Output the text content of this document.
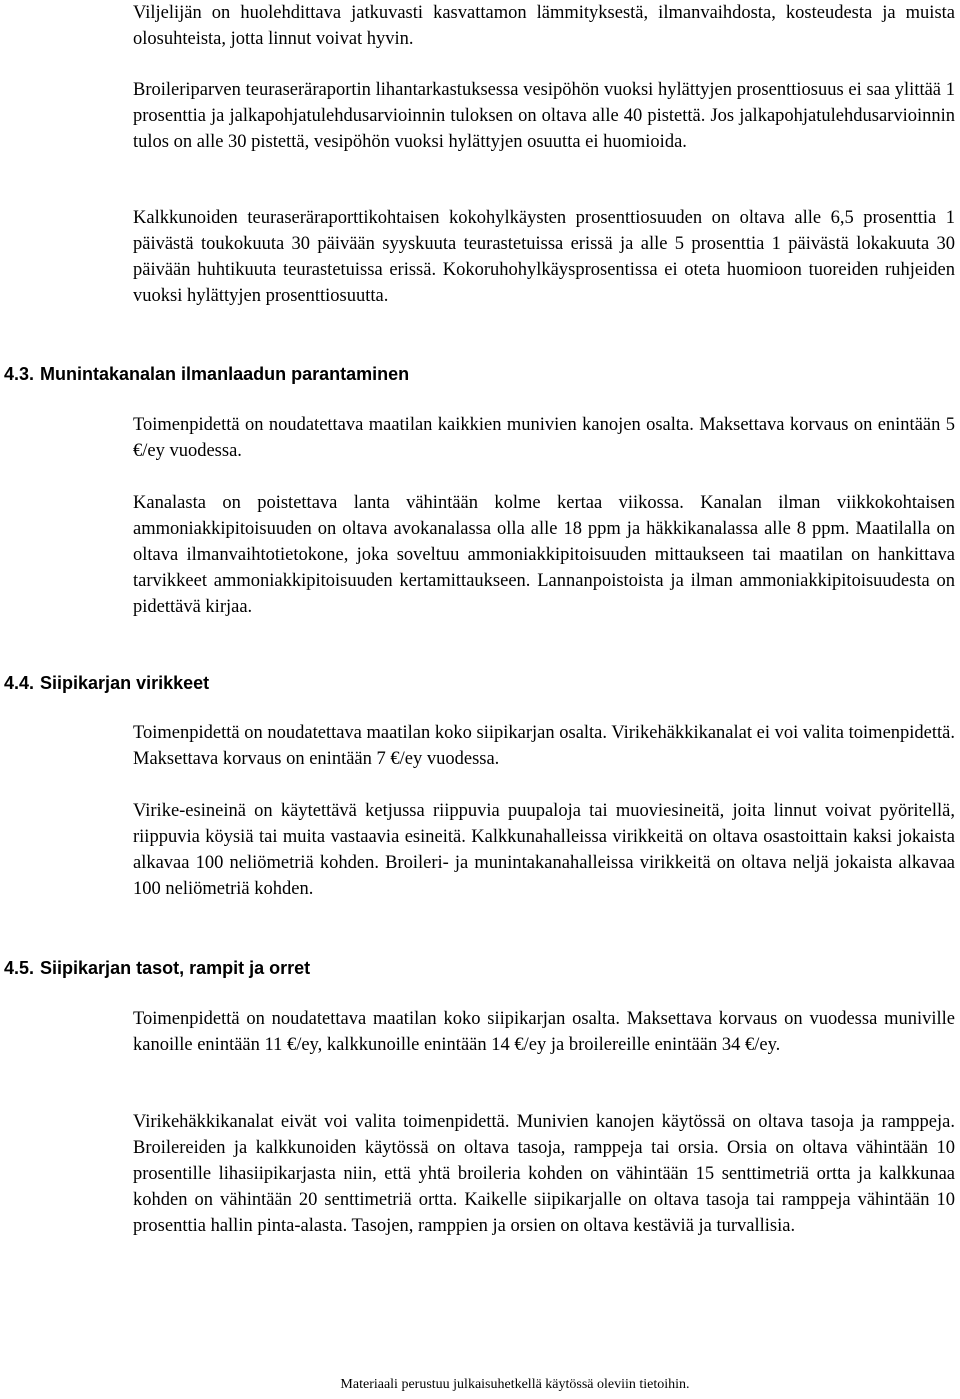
Viljelijän on huolehdittava jatkuvasti kasvattamon lämmityksestä, ilmanvaihdosta, kosteudesta ja muista olosuhteista, jotta linnut voivat hyvin.

Broileriparven teuraseräraportin lihantarkastuksessa vesipöhön vuoksi hylättyjen prosenttiosuus ei saa ylittää 1 prosenttia ja jalkapohjatulehdusarvioinnin tuloksen on oltava alle 40 pistettä. Jos jalkapohjatulehdusarvioinnin tulos on alle 30 pistettä, vesipöhön vuoksi hylättyjen osuutta ei huomioida.

Kalkkunoiden teuraseräraporttikohtaisen kokohylkäysten prosenttiosuuden on oltava alle 6,5 prosenttia 1 päivästä toukokuuta 30 päivään syyskuuta teurastetuissa erissä ja alle 5 prosenttia 1 päivästä lokakuuta 30 päivään huhtikuuta teurastetuissa erissä. Kokoruhohylkäysprosentissa ei oteta huomioon tuoreiden ruhjeiden vuoksi hylättyjen prosenttiosuutta.

4.3. Munintakanalan ilmanlaadun parantaminen

Toimenpidettä on noudatettava maatilan kaikkien munivien kanojen osalta. Maksettava korvaus on enintään 5 €/ey vuodessa.

Kanalasta on poistettava lanta vähintään kolme kertaa viikossa. Kanalan ilman viikkokohtaisen ammoniakkipitoisuuden on oltava avokanalassa olla alle 18 ppm ja häkkikanalassa alle 8 ppm. Maatilalla on oltava ilmanvaihtotietokone, joka soveltuu ammoniakkipitoisuuden mittaukseen tai maatilan on hankittava tarvikkeet ammoniakkipitoisuuden kertamittaukseen. Lannanpoistoista ja ilman ammoniakkipitoisuudesta on pidettävä kirjaa.

4.4. Siipikarjan virikkeet

Toimenpidettä on noudatettava maatilan koko siipikarjan osalta. Virikehäkkikanalat ei voi valita toimenpidettä. Maksettava korvaus on enintään 7 €/ey vuodessa.

Virike-esineinä on käytettävä ketjussa riippuvia puupaloja tai muoviesineitä, joita linnut voivat pyöritellä, riippuvia köysiä tai muita vastaavia esineitä. Kalkkunahalleissa virikkeitä on oltava osastoittain kaksi jokaista alkavaa 100 neliömetriä kohden. Broileri- ja munintakanahalleissa virikkeitä on oltava neljä jokaista alkavaa 100 neliömetriä kohden.

4.5. Siipikarjan tasot, rampit ja orret

Toimenpidettä on noudatettava maatilan koko siipikarjan osalta. Maksettava korvaus on vuodessa muniville kanoille enintään 11 €/ey, kalkkunoille enintään 14 €/ey ja broilereille enintään 34 €/ey.

Virikehäkkikanalat eivät voi valita toimenpidettä. Munivien kanojen käytössä on oltava tasoja ja ramppeja. Broilereiden ja kalkkunoiden käytössä on oltava tasoja, ramppeja tai orsia. Orsia on oltava vähintään 10 prosentille lihasiipikarjasta niin, että yhtä broileria kohden on vähintään 15 senttimetriä ortta ja kalkkunaa kohden on vähintään 20 senttimetriä ortta. Kaikelle siipikarjalle on oltava tasoja tai ramppeja vähintään 10 prosenttia hallin pinta-alasta. Tasojen, ramppien ja orsien on oltava kestäviä ja turvallisia.

Materiaali perustuu julkaisuhetkellä käytössä oleviin tietoihin.
